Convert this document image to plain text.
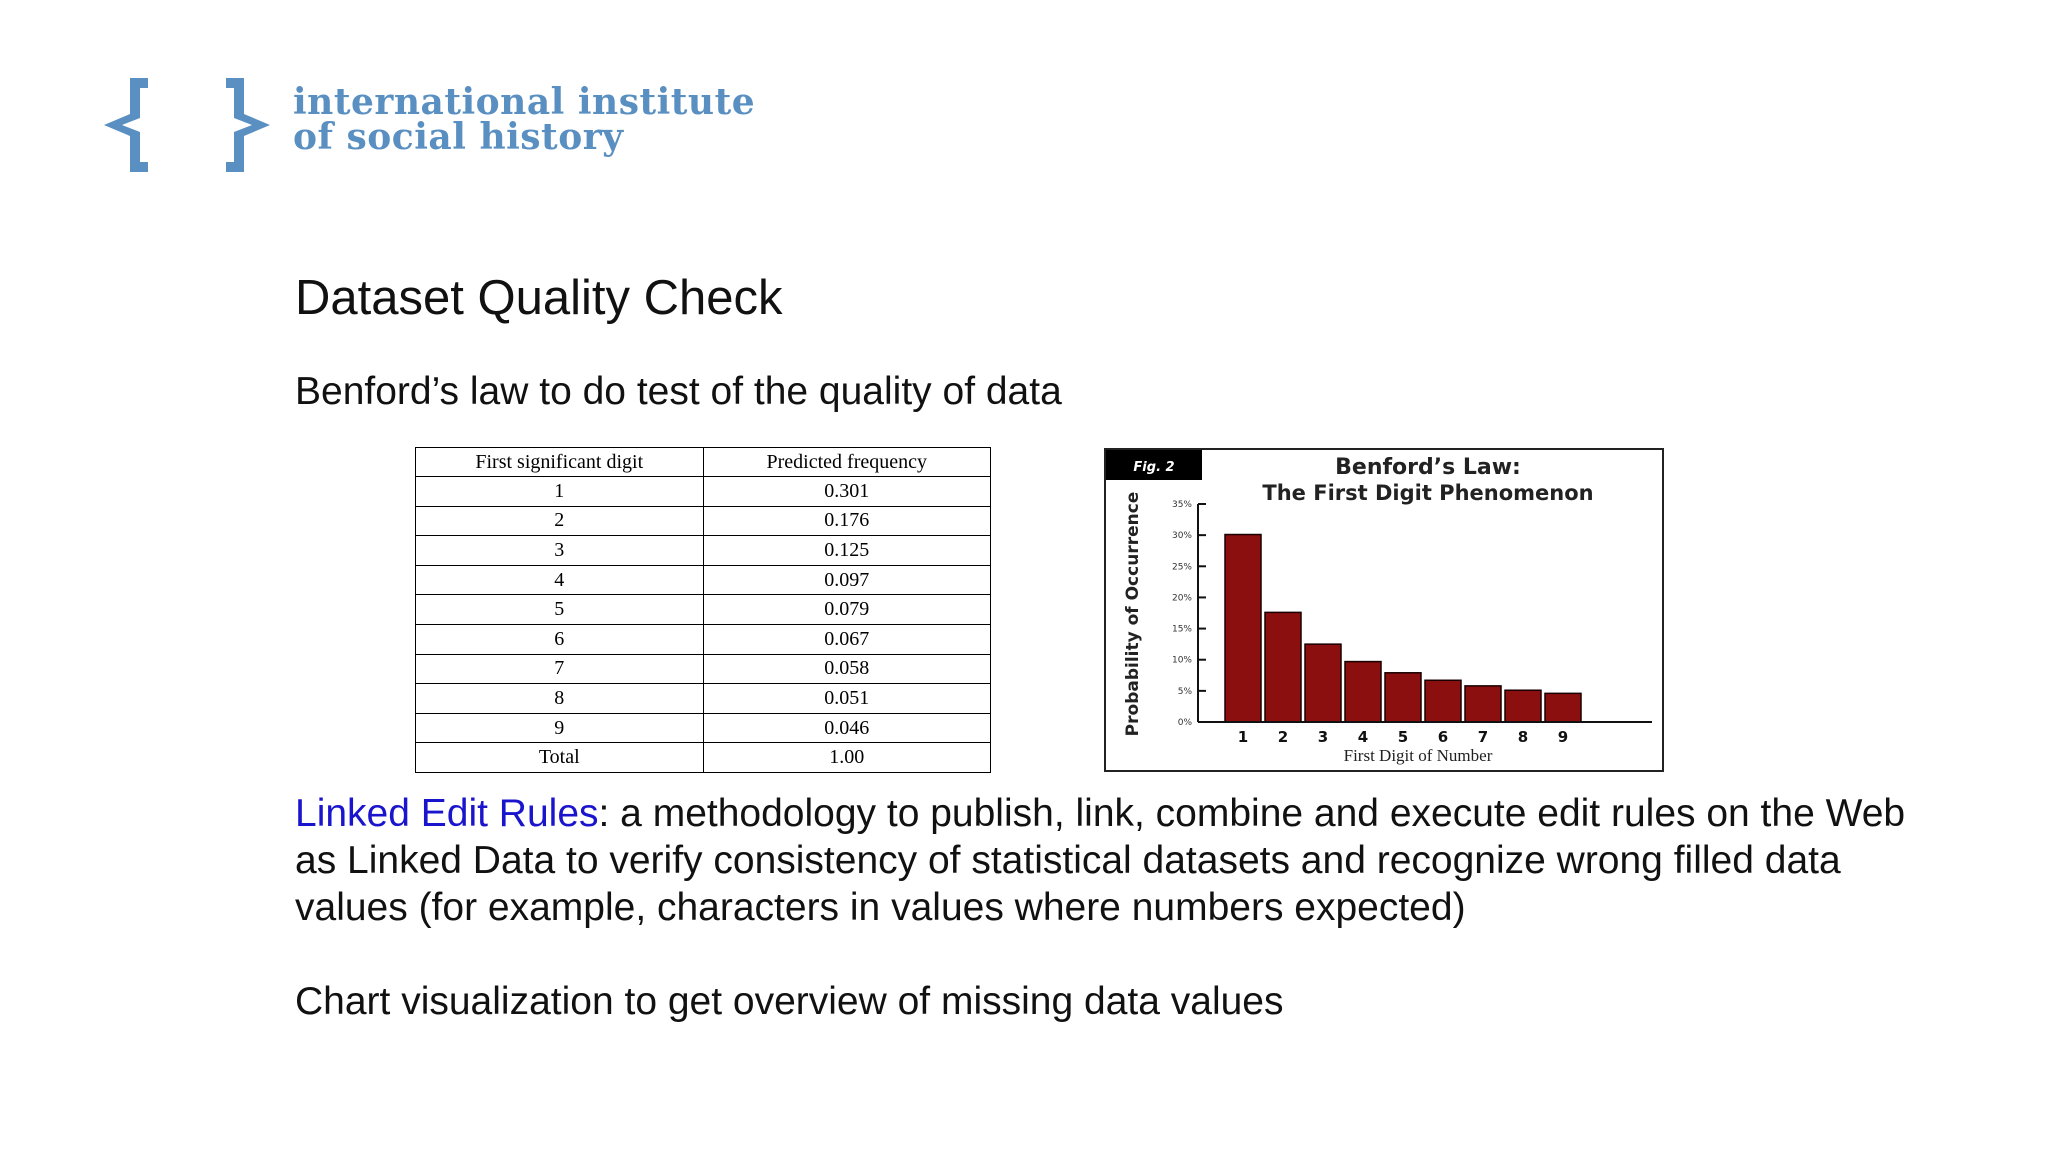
international institute
of social history
Dataset Quality Check
Benford’s law to do test of the quality of data
First significant digit	Predicted frequency
1	0.301
2	0.176
3	0.125
4	0.097
5	0.079
6	0.067
7	0.058
8	0.051
9	0.046
Total	1.00
Fig. 2	Benford’s Law:
The First Digit Phenomenon
Probability of Occurrence
First Digit of Number
0%
5%
10%
15%
20%
25%
30%
35%
1 2 3 4 5 6 7 8 9
Linked Edit Rules: a methodology to publish, link, combine and execute edit rules on the Web as Linked Data to verify consistency of statistical datasets and recognize wrong filled data values (for example, characters in values where numbers expected)
Chart visualization to get overview of missing data values
